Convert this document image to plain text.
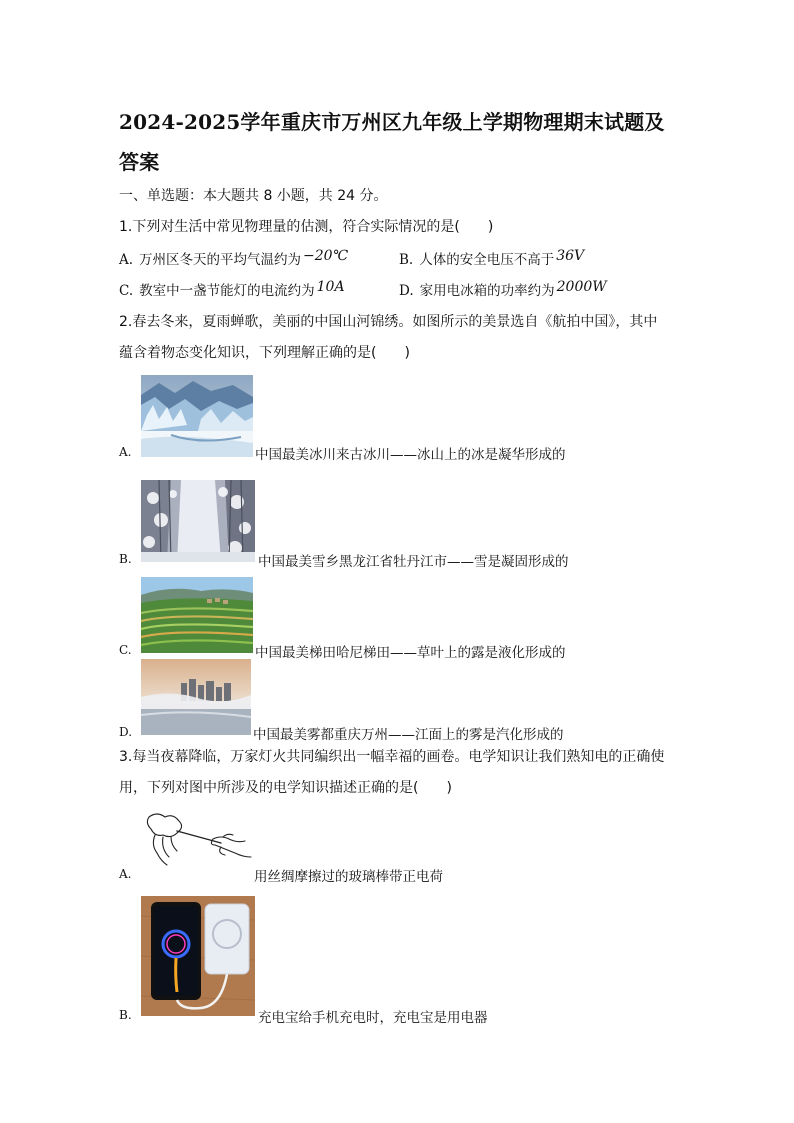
2024-2025学年重庆市万州区九年级上学期物理期末试题及
答案
一、单选题：本大题共 8 小题，共 24 分。
1.下列对生活中常见物理量的估测，符合实际情况的是(　　)
A. 万州区冬天的平均气温约为 −20℃	B. 人体的安全电压不高于 36V
C. 教室中一盏节能灯的电流约为 10A	D. 家用电冰箱的功率约为 2000W
2.春去冬来，夏雨蝉歌，美丽的中国山河锦绣。如图所示的美景选自《航拍中国》，其中
蕴含着物态变化知识，下列理解正确的是(　　)
A.	中国最美冰川来古冰川——冰山上的冰是凝华形成的
B.	中国最美雪乡黑龙江省牡丹江市——雪是凝固形成的
C.	中国最美梯田哈尼梯田——草叶上的露是液化形成的
D.	中国最美雾都重庆万州——江面上的雾是汽化形成的
3.每当夜幕降临，万家灯火共同编织出一幅幸福的画卷。电学知识让我们熟知电的正确使
用，下列对图中所涉及的电学知识描述正确的是(　　)
A.	用丝绸摩擦过的玻璃棒带正电荷
B.	充电宝给手机充电时，充电宝是用电器
